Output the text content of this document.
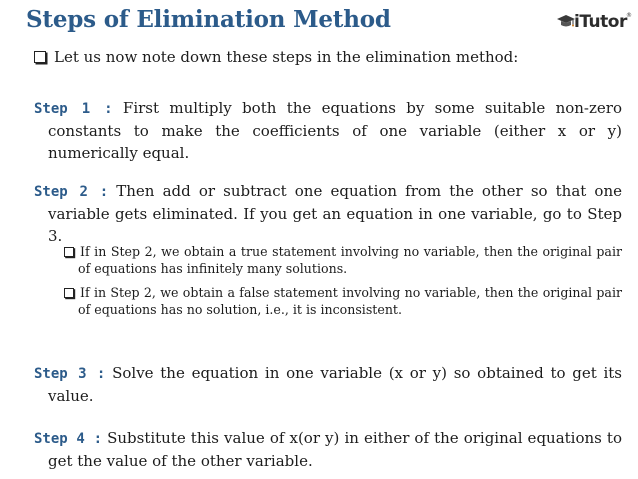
Steps of Elimination Method	iTutor ®
Let us now note down these steps in the elimination method:
Step 1 : First multiply both the equations by some suitable non-zero constants to make the coefficients of one variable (either x or y) numerically equal.
Step 2 : Then add or subtract one equation from the other so that one variable gets eliminated. If you get an equation in one variable, go to Step 3.
If in Step 2, we obtain a true statement involving no variable, then the original pair of equations has infinitely many solutions.
If in Step 2, we obtain a false statement involving no variable, then the original pair of equations has no solution, i.e., it is inconsistent.
Step 3 : Solve the equation in one variable (x or y) so obtained to get its value.
Step 4 : Substitute this value of x(or y) in either of the original equations to get the value of the other variable.
